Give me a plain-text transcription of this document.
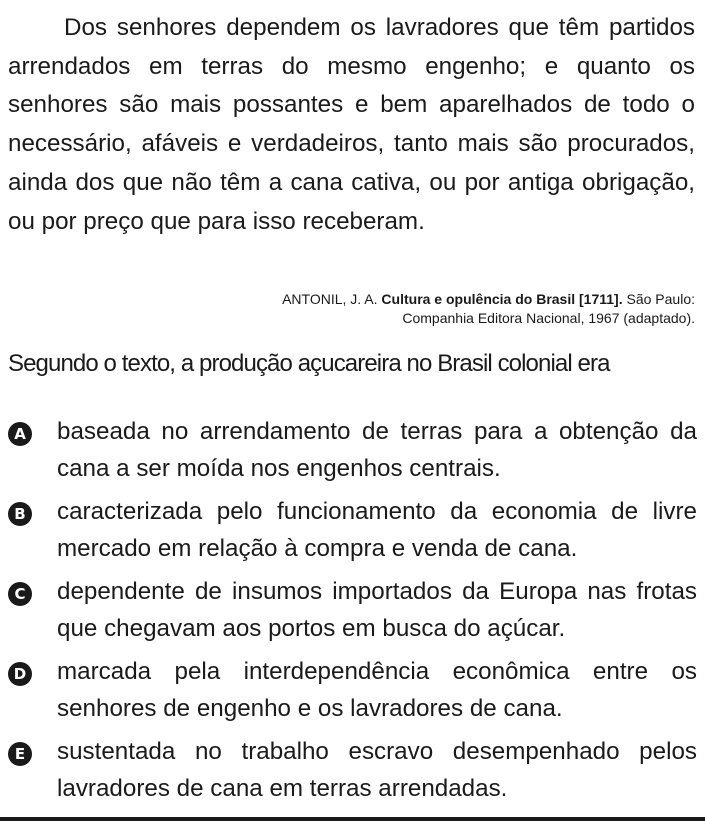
Dos senhores dependem os lavradores que têm partidos arrendados em terras do mesmo engenho; e quanto os senhores são mais possantes e bem aparelhados de todo o necessário, afáveis e verdadeiros, tanto mais são procurados, ainda dos que não têm a cana cativa, ou por antiga obrigação, ou por preço que para isso receberam.

ANTONIL, J. A. Cultura e opulência do Brasil [1711]. São Paulo:
Companhia Editora Nacional, 1967 (adaptado).
Segundo o texto, a produção açucareira no Brasil colonial era
A baseada no arrendamento de terras para a obtenção da cana a ser moída nos engenhos centrais.
B caracterizada pelo funcionamento da economia de livre mercado em relação à compra e venda de cana.
C dependente de insumos importados da Europa nas frotas que chegavam aos portos em busca do açúcar.
D marcada pela interdependência econômica entre os senhores de engenho e os lavradores de cana.
E sustentada no trabalho escravo desempenhado pelos lavradores de cana em terras arrendadas.
